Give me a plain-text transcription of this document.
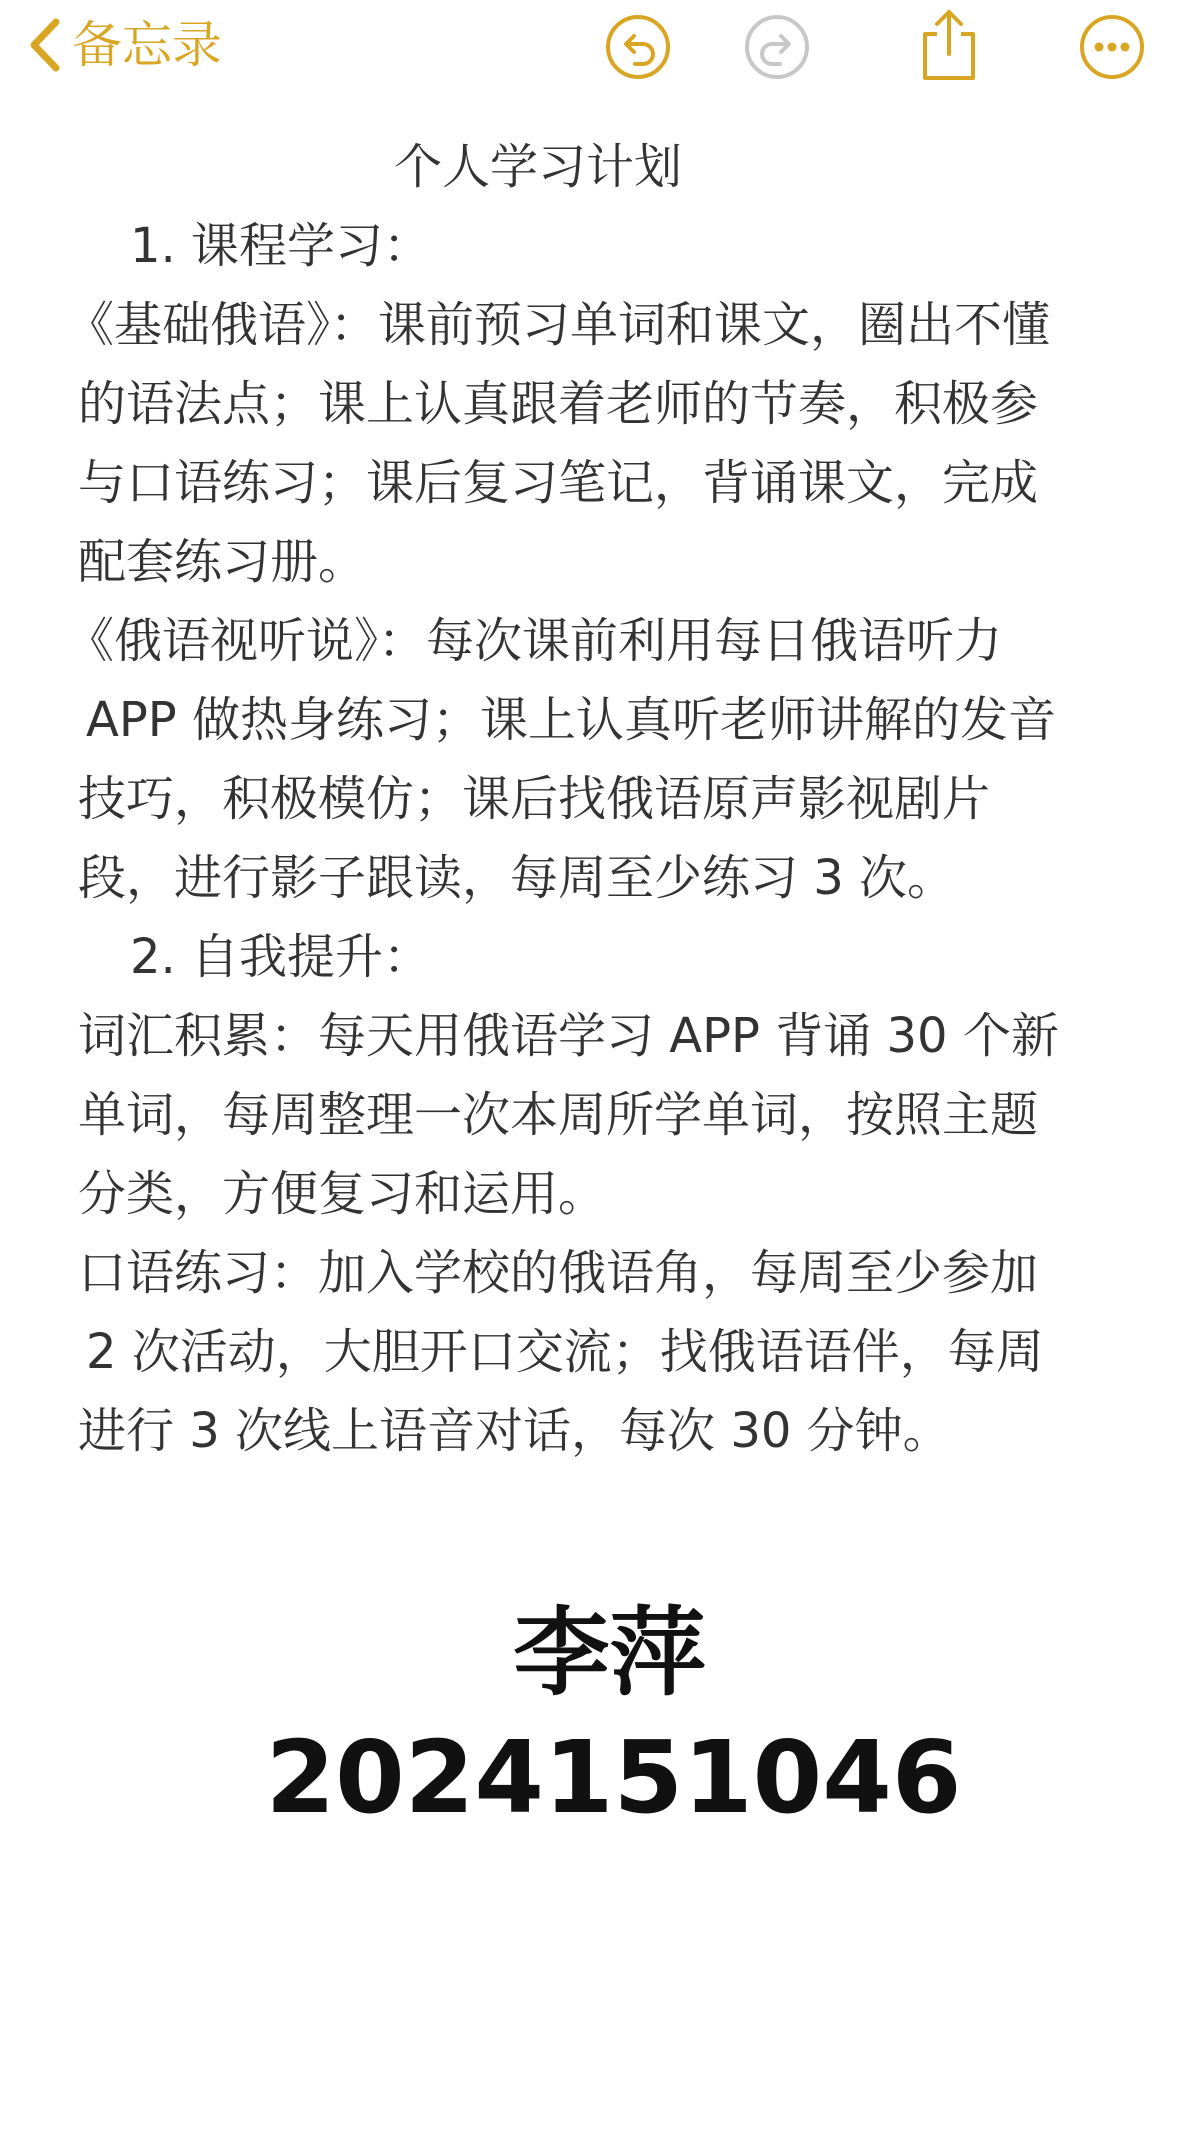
备忘录

个人学习计划

1. 课程学习：

《基础俄语》：课前预习单词和课文，圈出不懂

的语法点；课上认真跟着老师的节奏，积极参

与口语练习；课后复习笔记，背诵课文，完成

配套练习册。

《俄语视听说》：每次课前利用每日俄语听力

APP 做热身练习；课上认真听老师讲解的发音

技巧，积极模仿；课后找俄语原声影视剧片

段，进行影子跟读，每周至少练习 3 次。

2. 自我提升：

词汇积累：每天用俄语学习 APP 背诵 30 个新

单词，每周整理一次本周所学单词，按照主题

分类，方便复习和运用。

口语练习：加入学校的俄语角，每周至少参加

2 次活动，大胆开口交流；找俄语语伴，每周

进行 3 次线上语音对话，每次 30 分钟。

李萍
2024151046
